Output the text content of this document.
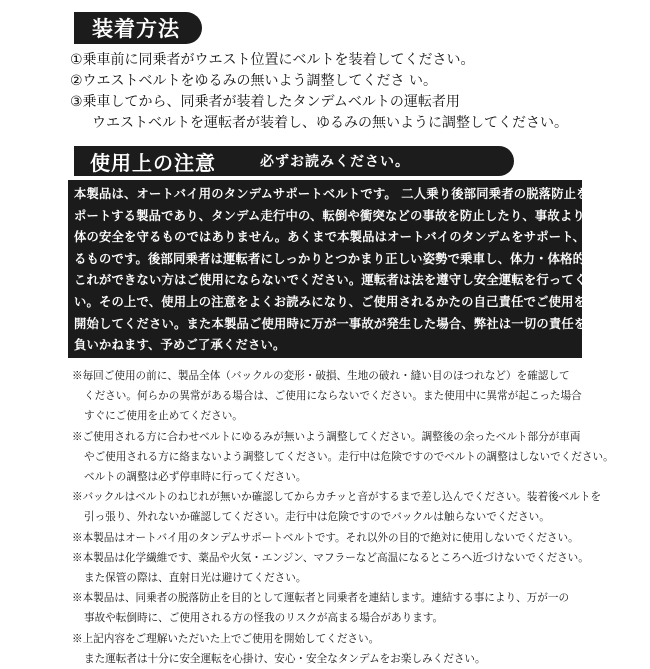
装着方法
①乗車前に同乗者がウエスト位置にベルトを装着してください。
②ウエストベルトをゆるみの無いよう調整してくださ い。
③乗車してから、同乗者が装着したタンデムベルトの運転者用
ウエストベルトを運転者が装着し、ゆるみの無いように調整してください。
使用上の注意	必ずお読みください。
本製品は、オートバイ用のタンデムサポートベルトです。 二人乗り後部同乗者の脱落防止をサ
ポートする製品であり、タンデム走行中の、転倒や衝突などの事故を防止したり、事故より身
体の安全を守るものではありません。あくまで本製品はオートバイのタンデムをサポート、補助す
るものです。後部同乗者は運転者にしっかりとつかまり正しい姿勢で乗車し、体力・体格的に
これができない方はご使用にならないでください。運転者は法を遵守し安全運転を行ってくださ
い。その上で、使用上の注意をよくお読みになり、ご使用されるかたの自己責任でご使用を
開始してください。また本製品ご使用時に万が一事故が発生した場合、弊社は一切の責任を
負いかねます、予めご了承ください。
※毎回ご使用の前に、製品全体（バックルの変形・破損、生地の破れ・縫い目のほつれなど）を確認して
ください。何らかの異常がある場合は、ご使用にならないでください。また使用中に異常が起こった場合
すぐにご使用を止めてください。
※ご使用される方に合わせベルトにゆるみが無いよう調整してください。調整後の余ったベルト部分が車両
やご使用される方に絡まないよう調整してください。走行中は危険ですのでベルトの調整はしないでください。
ベルトの調整は必ず停車時に行ってください。
※バックルはベルトのねじれが無いか確認してからカチッと音がするまで差し込んでください。装着後ベルトを
引っ張り、外れないか確認してください。走行中は危険ですのでバックルは触らないでください。
※本製品はオートバイ用のタンデムサポートベルトです。それ以外の目的で絶対に使用しないでください。
※本製品は化学繊維です、薬品や火気・エンジン、マフラーなど高温になるところへ近づけないでください。
また保管の際は、直射日光は避けてください。
※本製品は、同乗者の脱落防止を目的として運転者と同乗者を連結します。連結する事により、万が一の
事故や転倒時に、ご使用される方の怪我のリスクが高まる場合があります。
※上記内容をご理解いただいた上でご使用を開始してください。
また運転者は十分に安全運転を心掛け、安心・安全なタンデムをお楽しみください。
